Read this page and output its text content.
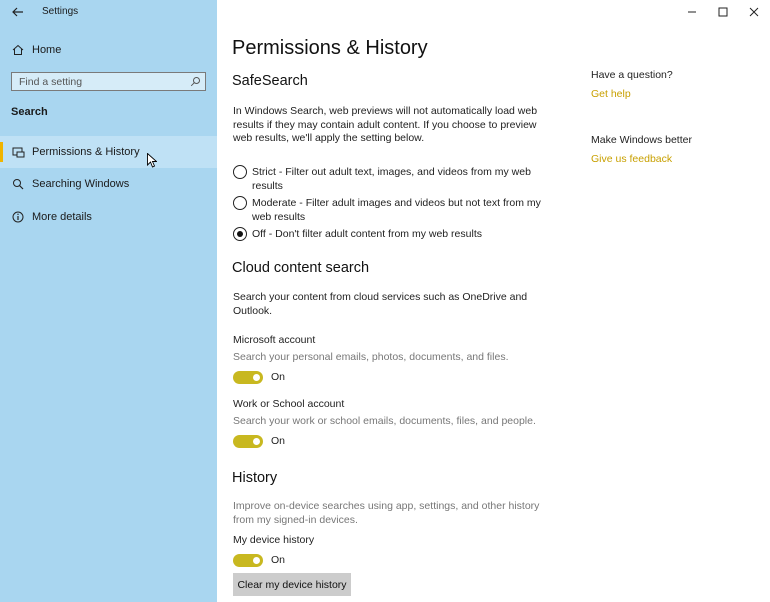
Settings
Home
Find a setting
Search
Permissions & History
Searching Windows
More details
Permissions & History
SafeSearch
In Windows Search, web previews will not automatically load web
results if they may contain adult content. If you choose to preview
web results, we'll apply the setting below.
Strict - Filter out adult text, images, and videos from my web
results
Moderate - Filter adult images and videos but not text from my
web results
Off - Don't filter adult content from my web results
Cloud content search
Search your content from cloud services such as OneDrive and
Outlook.
Microsoft account
Search your personal emails, photos, documents, and files.
On
Work or School account
Search your work or school emails, documents, files, and people.
On
History
Improve on-device searches using app, settings, and other history
from my signed-in devices.
My device history
On
Clear my device history
Have a question?
Get help
Make Windows better
Give us feedback
